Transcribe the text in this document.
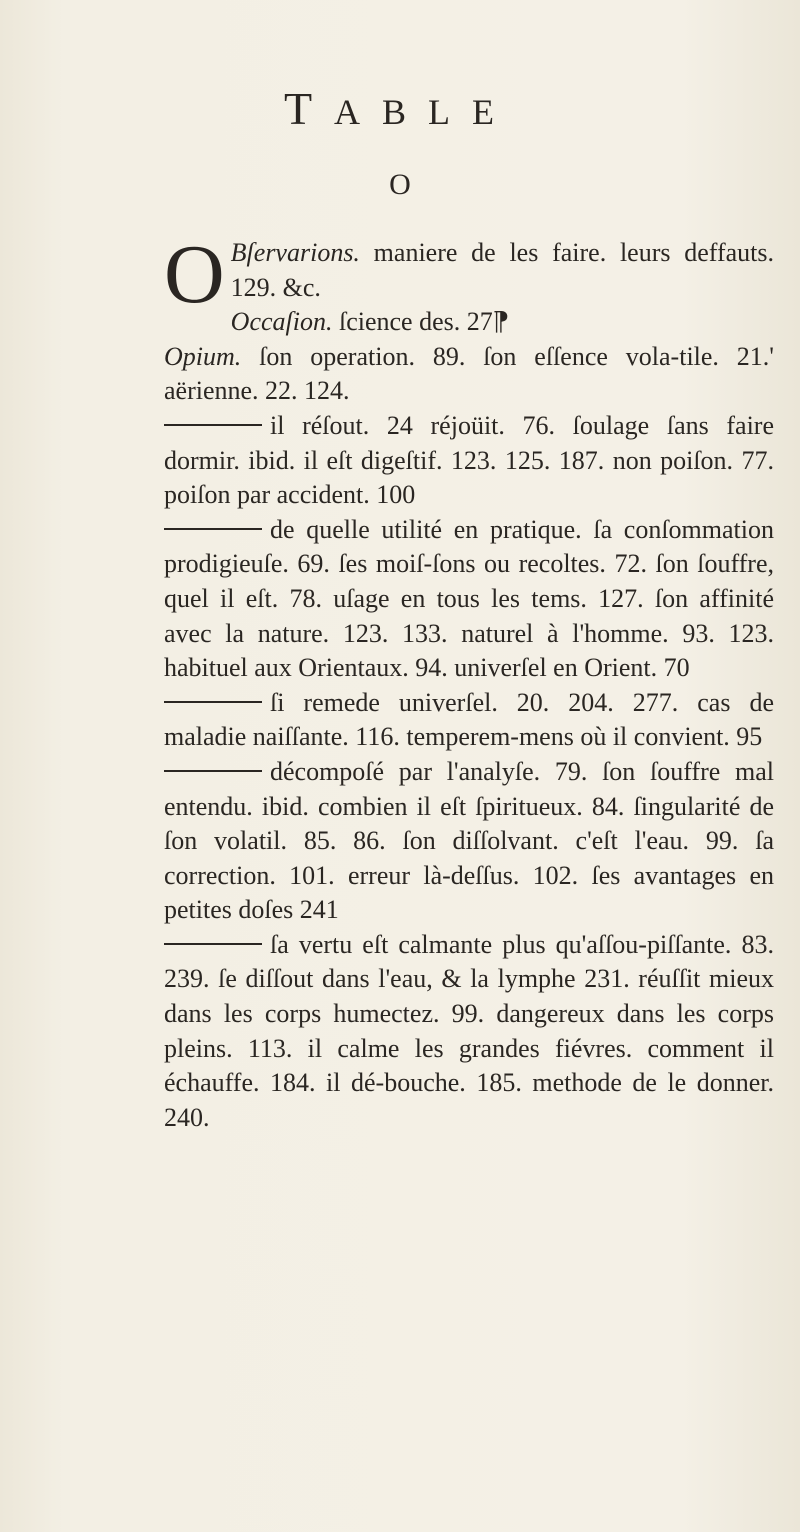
TABLE
O

O Bſervarions. maniere de les faire. leurs deffauts. 129. &c.

Occaſion. ſcience des. 27⁋

Opium. ſon operation. 89. ſon eſſence vola-tile. 21.' aërienne. 22. 124.

il réſout. 24 réjoüit. 76. ſoulage ſans faire dormir. ibid. il eſt digeſtif. 123. 125. 187. non poiſon. 77. poiſon par accident. 100

de quelle utilité en pratique. ſa conſommation prodigieuſe. 69. ſes moiſ-ſons ou recoltes. 72. ſon ſouffre, quel il eſt. 78. uſage en tous les tems. 127. ſon affinité avec la nature. 123. 133. naturel à l'homme. 93. 123. habituel aux Orientaux. 94. univerſel en Orient. 70

ſi remede univerſel. 20. 204. 277. cas de maladie naiſſante. 116. temperem-mens où il convient. 95

décompoſé par l'analyſe. 79. ſon ſouffre mal entendu. ibid. combien il eſt ſpiritueux. 84. ſingularité de ſon volatil. 85. 86. ſon diſſolvant. c'eſt l'eau. 99. ſa correction. 101. erreur là-deſſus. 102. ſes avantages en petites doſes 241

ſa vertu eſt calmante plus qu'aſſou-piſſante. 83. 239. ſe diſſout dans l'eau, & la lymphe 231. réuſſit mieux dans les corps humectez. 99. dangereux dans les corps pleins. 113. il calme les grandes fiévres. comment il échauffe. 184. il dé-bouche. 185. methode de le donner. 240.
